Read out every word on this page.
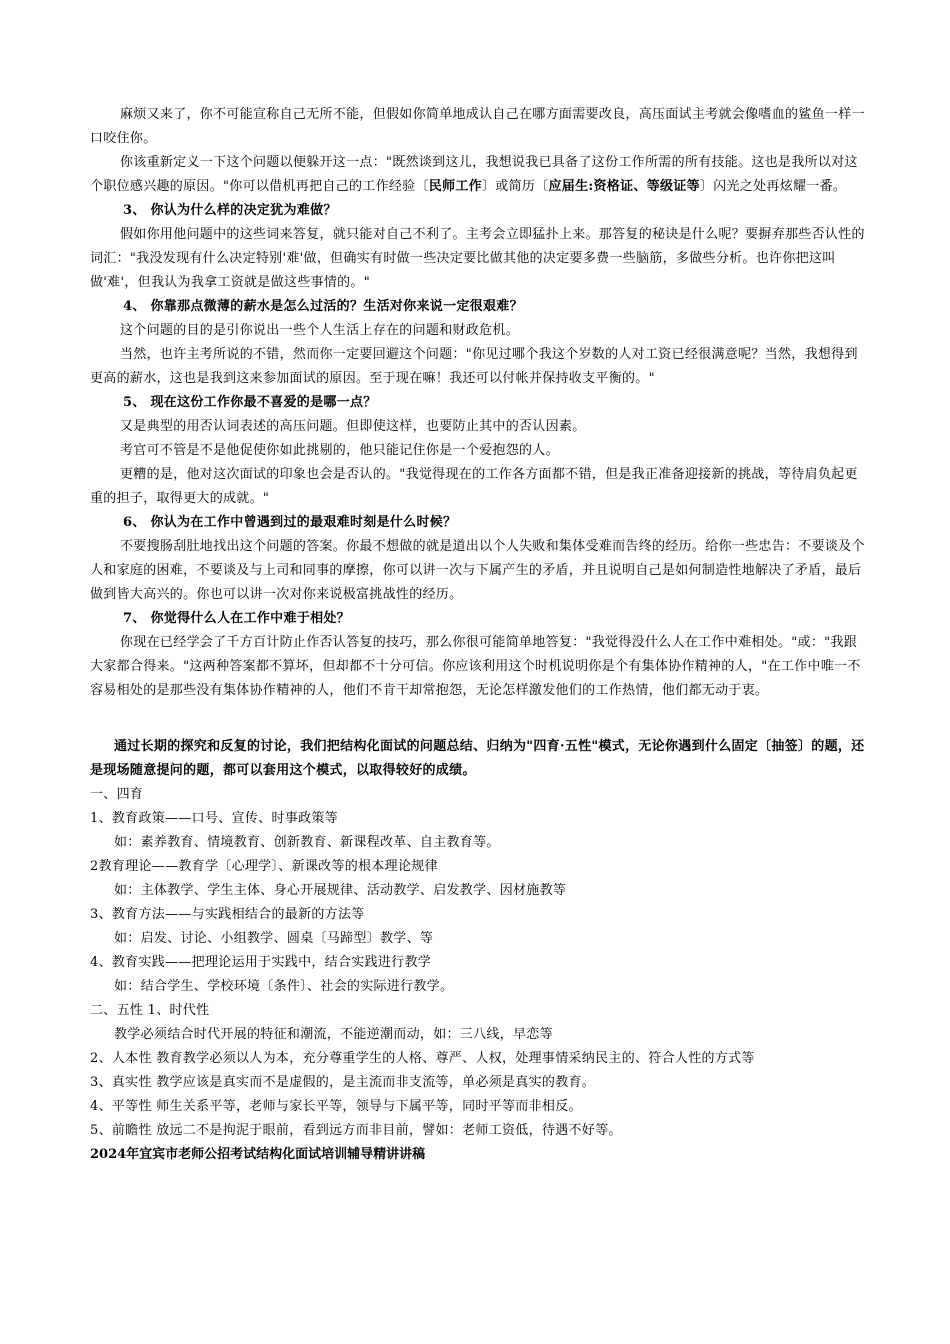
麻烦又来了，你不可能宣称自己无所不能，但假如你简单地成认自己在哪方面需要改良，高压面试主考就会像嗜血的鲨鱼一样一口咬住你。

你该重新定义一下这个问题以便躲开这一点："既然谈到这儿，我想说我已具备了这份工作所需的所有技能。这也是我所以对这个职位感兴趣的原因。"你可以借机再把自己的工作经验〔民师工作〕或简历〔应届生:资格证、等级证等〕闪光之处再炫耀一番。

3、 你认为什么样的决定犹为难做？

假如你用他问题中的这些词来答复，就只能对自己不利了。主考会立即猛扑上来。那答复的秘诀是什么呢？要摒弃那些否认性的词汇："我没发现有什么决定特别'难'做，但确实有时做一些决定要比做其他的决定要多费一些脑筋，多做些分析。也许你把这叫做'难'，但我认为我拿工资就是做这些事情的。"

4、 你靠那点微薄的薪水是怎么过活的？生活对你来说一定很艰难？

这个问题的目的是引你说出一些个人生活上存在的问题和财政危机。

当然，也许主考所说的不错，然而你一定要回避这个问题："你见过哪个我这个岁数的人对工资已经很满意呢？当然，我想得到更高的薪水，这也是我到这来参加面试的原因。至于现在嘛！我还可以付帐并保持收支平衡的。"

5、 现在这份工作你最不喜爱的是哪一点？

又是典型的用否认词表述的高压问题。但即使这样，也要防止其中的否认因素。

考官可不管是不是他促使你如此挑剔的，他只能记住你是一个爱抱怨的人。

更糟的是，他对这次面试的印象也会是否认的。"我觉得现在的工作各方面都不错，但是我正准备迎接新的挑战，等待肩负起更重的担子，取得更大的成就。"

6、 你认为在工作中曾遇到过的最艰难时刻是什么时候？

不要搜肠刮肚地找出这个问题的答案。你最不想做的就是道出以个人失败和集体受难而告终的经历。给你一些忠告：不要谈及个人和家庭的困难，不要谈及与上司和同事的摩擦，你可以讲一次与下属产生的矛盾，并且说明自己是如何制造性地解决了矛盾，最后做到皆大高兴的。你也可以讲一次对你来说极富挑战性的经历。

7、 你觉得什么人在工作中难于相处？

你现在已经学会了千方百计防止作否认答复的技巧，那么你很可能简单地答复："我觉得没什么人在工作中难相处。"或："我跟大家都合得来。"这两种答案都不算坏，但却都不十分可信。你应该利用这个时机说明你是个有集体协作精神的人，"在工作中唯一不容易相处的是那些没有集体协作精神的人，他们不肯干却常抱怨，无论怎样激发他们的工作热情，他们都无动于衷。

通过长期的探究和反复的讨论，我们把结构化面试的问题总结、归纳为"四育·五性"模式，无论你遇到什么固定〔抽签〕的题，还是现场随意提问的题，都可以套用这个模式，以取得较好的成绩。

一、四育

1、教育政策——口号、宣传、时事政策等

如：素养教育、情境教育、创新教育、新课程改革、自主教育等。

2教育理论——教育学〔心理学〕、新课改等的根本理论规律

如：主体教学、学生主体、身心开展规律、活动教学、启发教学、因材施教等

3、教育方法——与实践相结合的最新的方法等

如：启发、讨论、小组教学、圆桌〔马蹄型〕教学、等

4、教育实践——把理论运用于实践中，结合实践进行教学

如：结合学生、学校环境〔条件〕、社会的实际进行教学。

二、五性 1、时代性

教学必须结合时代开展的特征和潮流，不能逆潮而动，如：三八线，早恋等

2、人本性 教育教学必须以人为本，充分尊重学生的人格、尊严、人权，处理事情采纳民主的、符合人性的方式等

3、真实性 教学应该是真实而不是虚假的，是主流而非支流等，单必须是真实的教育。

4、平等性 师生关系平等，老师与家长平等，领导与下属平等，同时平等而非相反。

5、前瞻性 放远二不是拘泥于眼前，看到远方而非目前，譬如：老师工资低，待遇不好等。

2024年宜宾市老师公招考试结构化面试培训辅导精讲讲稿
